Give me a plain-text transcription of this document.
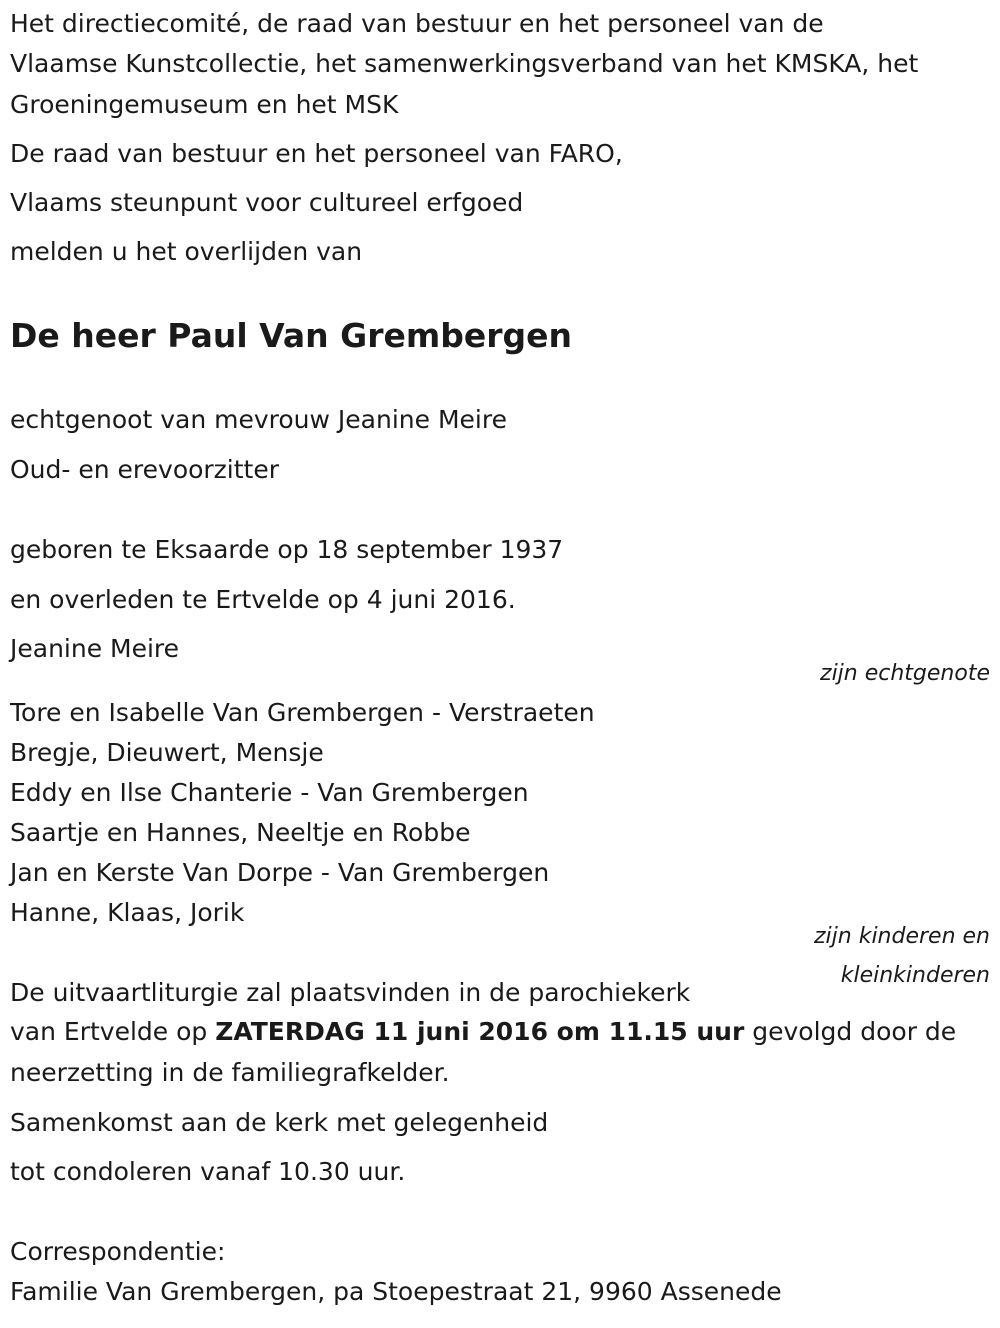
Het directiecomité, de raad van bestuur en het personeel van de
Vlaamse Kunstcollectie, het samenwerkingsverband van het KMSKA, het
Groeningemuseum en het MSK
De raad van bestuur en het personeel van FARO,
Vlaams steunpunt voor cultureel erfgoed
melden u het overlijden van
De heer Paul Van Grembergen
echtgenoot van mevrouw Jeanine Meire
Oud- en erevoorzitter
geboren te Eksaarde op 18 september 1937
en overleden te Ertvelde op 4 juni 2016.
Jeanine Meire
zijn echtgenote
Tore en Isabelle Van Grembergen - Verstraeten
Bregje, Dieuwert, Mensje
Eddy en Ilse Chanterie - Van Grembergen
Saartje en Hannes, Neeltje en Robbe
Jan en Kerste Van Dorpe - Van Grembergen
Hanne, Klaas, Jorik
zijn kinderen en
kleinkinderen
De uitvaartliturgie zal plaatsvinden in de parochiekerk
van Ertvelde op ZATERDAG 11 juni 2016 om 11.15 uur gevolgd door de
neerzetting in de familiegrafkelder.
Samenkomst aan de kerk met gelegenheid
tot condoleren vanaf 10.30 uur.
Correspondentie:
Familie Van Grembergen, pa Stoepestraat 21, 9960 Assenede
